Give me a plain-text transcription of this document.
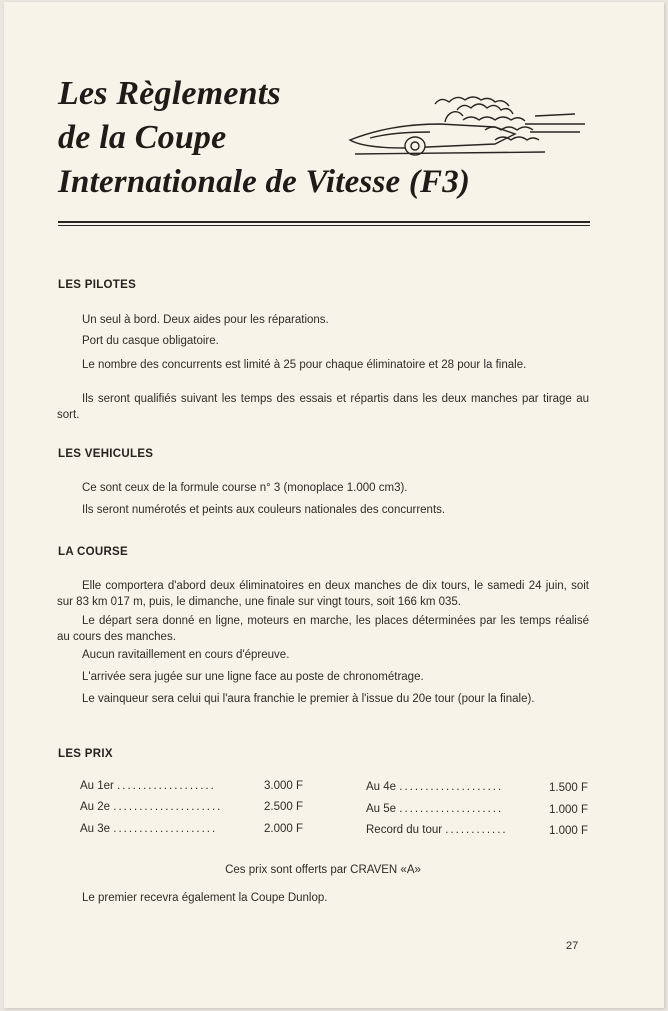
Les Règlements
de la Coupe
Internationale de Vitesse (F3)
LES PILOTES
Un seul à bord. Deux aides pour les réparations.
Port du casque obligatoire.
Le nombre des concurrents est limité à 25 pour chaque éliminatoire et 28 pour la finale.
Ils seront qualifiés suivant les temps des essais et répartis dans les deux manches par tirage au sort.
LES VEHICULES
Ce sont ceux de la formule course n° 3 (monoplace 1.000 cm3).
Ils seront numérotés et peints aux couleurs nationales des concurrents.
LA COURSE
Elle comportera d'abord deux éliminatoires en deux manches de dix tours, le samedi 24 juin, soit sur 83 km 017 m, puis, le dimanche, une finale sur vingt tours, soit 166 km 035.
Le départ sera donné en ligne, moteurs en marche, les places déterminées par les temps réalisé au cours des manches.
Aucun ravitaillement en cours d'épreuve.
L'arrivée sera jugée sur une ligne face au poste de chronométrage.
Le vainqueur sera celui qui l'aura franchie le premier à l'issue du 20e tour (pour la finale).
LES PRIX
Au 1er ...................	3.000 F
Au 2e .....................	2.500 F
Au 3e ....................	2.000 F
Au 4e ....................	1.500 F
Au 5e ....................	1.000 F
Record du tour ............	1.000 F
Ces prix sont offerts par CRAVEN «A»
Le premier recevra également la Coupe Dunlop.
27
